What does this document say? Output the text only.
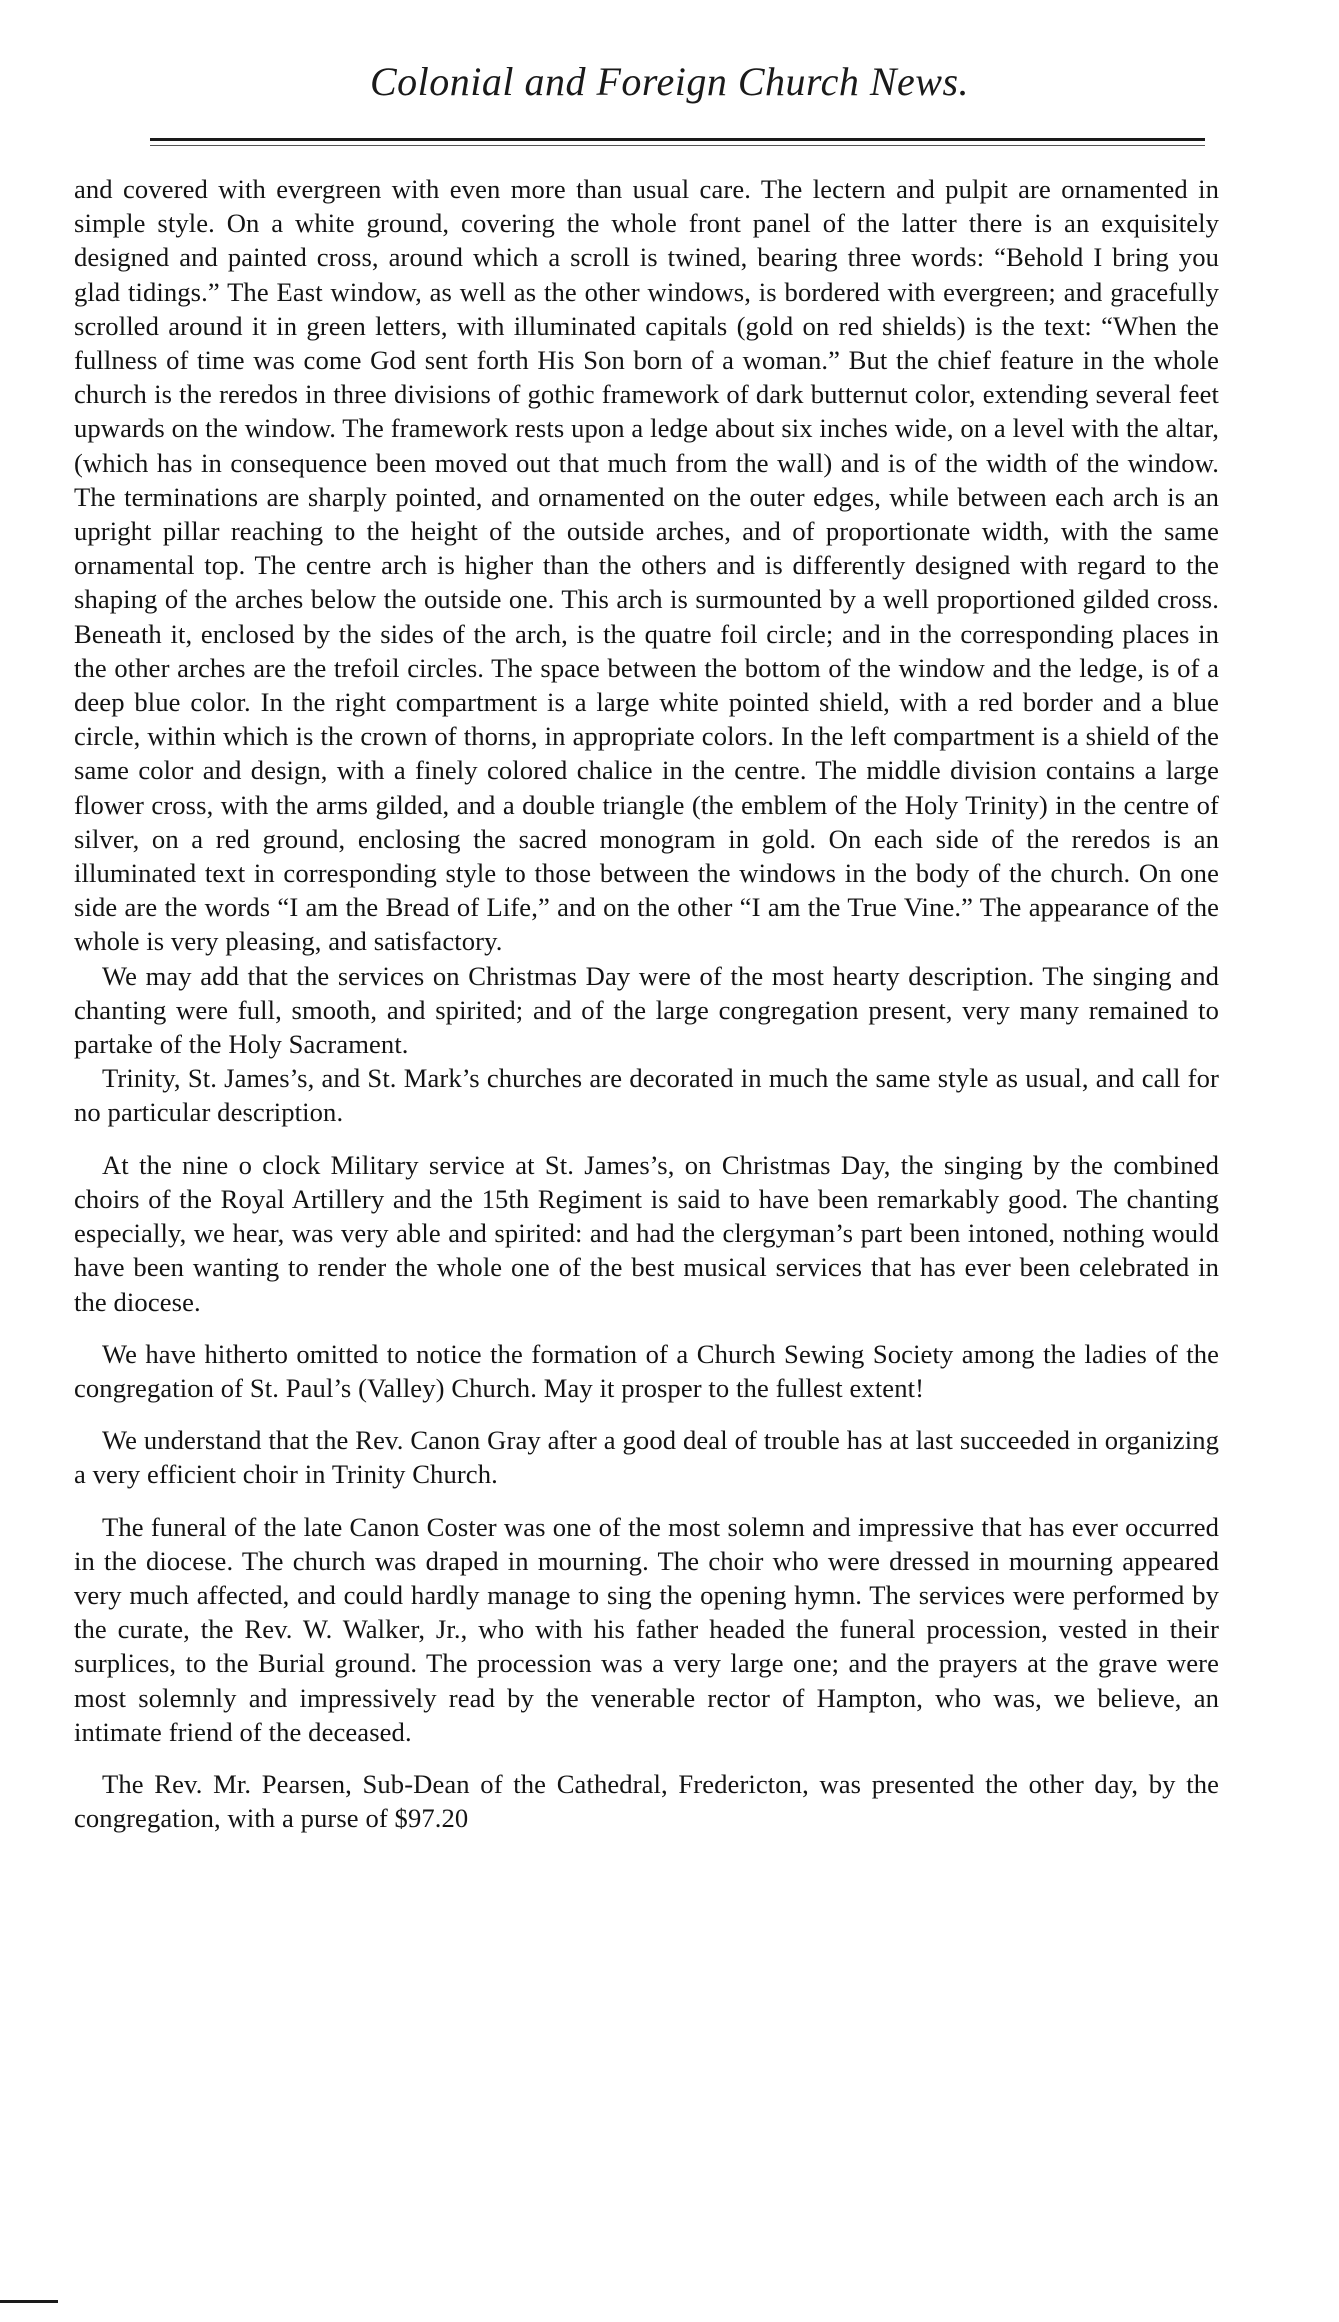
Colonial and Foreign Church News.

and covered with evergreen with even more than usual care. The lectern and pulpit are ornamented in simple style. On a white ground, covering the whole front panel of the latter there is an exquisitely designed and painted cross, around which a scroll is twined, bearing three words: “Behold I bring you glad tidings.” The East window, as well as the other windows, is bordered with evergreen; and gracefully scrolled around it in green letters, with illuminated capitals (gold on red shields) is the text: “When the fullness of time was come God sent forth His Son born of a woman.” But the chief feature in the whole church is the reredos in three divisions of gothic framework of dark butternut color, extending several feet upwards on the window. The framework rests upon a ledge about six inches wide, on a level with the altar, (which has in consequence been moved out that much from the wall) and is of the width of the window. The terminations are sharply pointed, and ornamented on the outer edges, while between each arch is an upright pillar reaching to the height of the outside arches, and of proportionate width, with the same ornamental top. The centre arch is higher than the others and is differently designed with regard to the shaping of the arches below the outside one. This arch is surmounted by a well proportioned gilded cross. Beneath it, enclosed by the sides of the arch, is the quatre foil circle; and in the corresponding places in the other arches are the trefoil circles. The space between the bottom of the window and the ledge, is of a deep blue color. In the right compartment is a large white pointed shield, with a red border and a blue circle, within which is the crown of thorns, in appropriate colors. In the left compartment is a shield of the same color and design, with a finely colored chalice in the centre. The middle division contains a large flower cross, with the arms gilded, and a double triangle (the emblem of the Holy Trinity) in the centre of silver, on a red ground, enclosing the sacred monogram in gold. On each side of the reredos is an illuminated text in corresponding style to those between the windows in the body of the church. On one side are the words “I am the Bread of Life,” and on the other “I am the True Vine.” The appearance of the whole is very pleasing, and satisfactory.

We may add that the services on Christmas Day were of the most hearty description. The singing and chanting were full, smooth, and spirited; and of the large congregation present, very many remained to partake of the Holy Sacrament.

Trinity, St. James’s, and St. Mark’s churches are decorated in much the same style as usual, and call for no particular description.

At the nine o clock Military service at St. James’s, on Christmas Day, the singing by the combined choirs of the Royal Artillery and the 15th Regiment is said to have been remarkably good. The chanting especially, we hear, was very able and spirited: and had the clergyman’s part been intoned, nothing would have been wanting to render the whole one of the best musical services that has ever been celebrated in the diocese.

We have hitherto omitted to notice the formation of a Church Sewing Society among the ladies of the congregation of St. Paul’s (Valley) Church. May it prosper to the fullest extent!

We understand that the Rev. Canon Gray after a good deal of trouble has at last succeeded in organizing a very efficient choir in Trinity Church.

The funeral of the late Canon Coster was one of the most solemn and impressive that has ever occurred in the diocese. The church was draped in mourning. The choir who were dressed in mourning appeared very much affected, and could hardly manage to sing the opening hymn. The services were performed by the curate, the Rev. W. Walker, Jr., who with his father headed the funeral procession, vested in their surplices, to the Burial ground. The procession was a very large one; and the prayers at the grave were most solemnly and impressively read by the venerable rector of Hampton, who was, we believe, an intimate friend of the deceased.

The Rev. Mr. Pearsen, Sub-Dean of the Cathedral, Fredericton, was presented the other day, by the congregation, with a purse of $97.20
